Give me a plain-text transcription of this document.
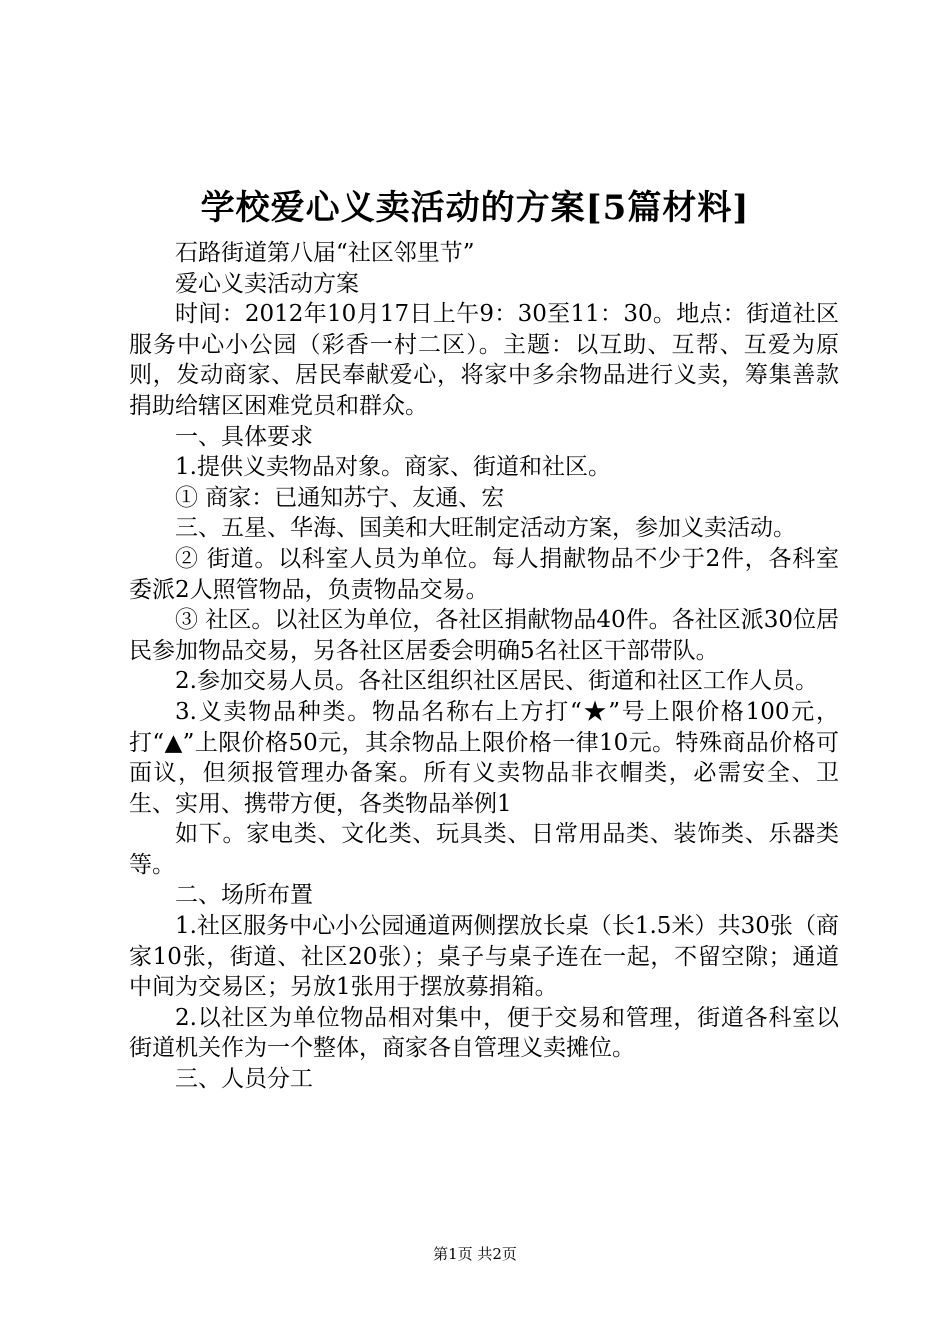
学校爱心义卖活动的方案[5篇材料]

石路街道第八届“社区邻里节”

爱心义卖活动方案

时间：2012年10月17日上午9：30至11：30。地点：街道社区服务中心小公园（彩香一村二区）。主题：以互助、互帮、互爱为原则，发动商家、居民奉献爱心，将家中多余物品进行义卖，筹集善款捐助给辖区困难党员和群众。

一、具体要求

1.提供义卖物品对象。商家、街道和社区。

① 商家：已通知苏宁、友通、宏

三、五星、华海、国美和大旺制定活动方案，参加义卖活动。

② 街道。以科室人员为单位。每人捐献物品不少于2件，各科室委派2人照管物品，负责物品交易。

③ 社区。以社区为单位，各社区捐献物品40件。各社区派30位居民参加物品交易，另各社区居委会明确5名社区干部带队。

2.参加交易人员。各社区组织社区居民、街道和社区工作人员。

3.义卖物品种类。物品名称右上方打“★”号上限价格100元，打“▲”上限价格50元，其余物品上限价格一律10元。特殊商品价格可面议，但须报管理办备案。所有义卖物品非衣帽类，必需安全、卫生、实用、携带方便，各类物品举例1

如下。家电类、文化类、玩具类、日常用品类、装饰类、乐器类等。

二、场所布置

1.社区服务中心小公园通道两侧摆放长桌（长1.5米）共30张（商家10张，街道、社区20张）；桌子与桌子连在一起，不留空隙；通道中间为交易区；另放1张用于摆放募捐箱。

2.以社区为单位物品相对集中，便于交易和管理，街道各科室以街道机关作为一个整体，商家各自管理义卖摊位。

三、人员分工

第1页 共2页
